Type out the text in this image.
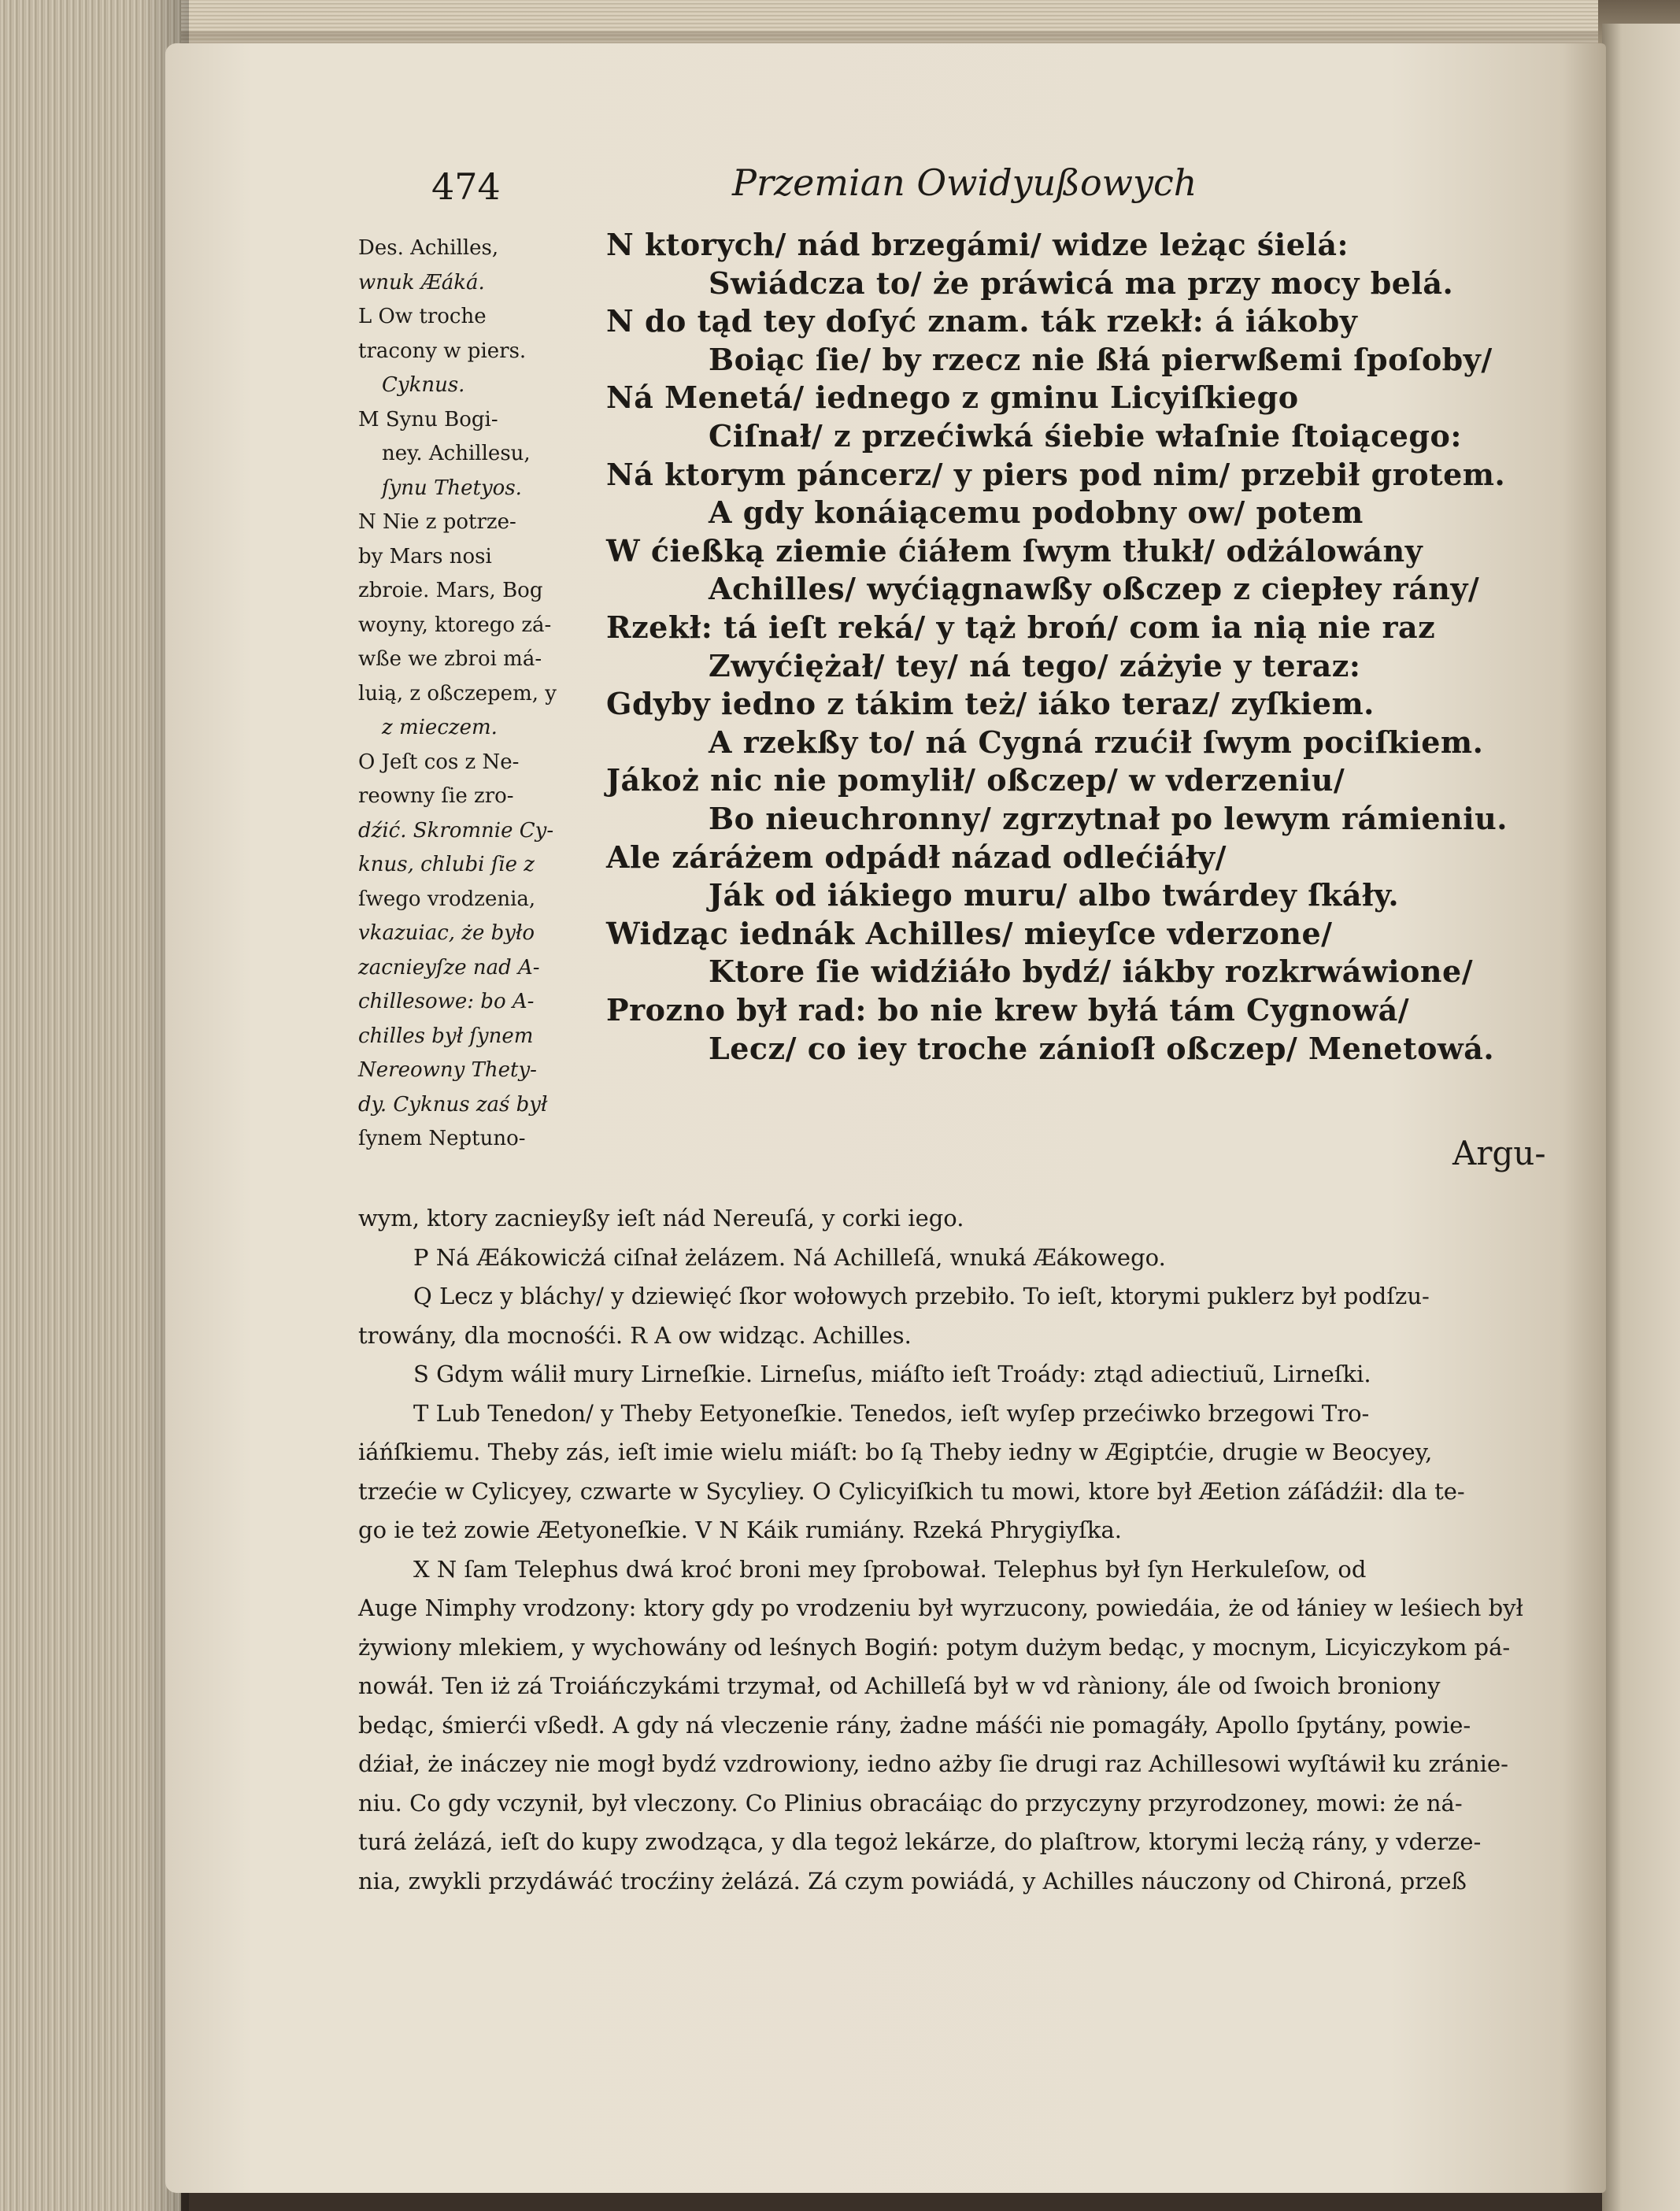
474	Przemian Owidyußowych
Des. Achilles,
wnuk Æáká.
L Ow troche
tracony w piers.
Cyknus.
M Synu Bogi-
ney. Achillesu,
ſynu Thetyos.
N Nie z potrze-
by Mars nosi
zbroie. Mars, Bog
woyny, ktorego zá-
wße we zbroi má-
luią, z oßczepem, y
z mieczem.
O Jeſt cos z Ne-
reowny ſie zro-
dźić. Skromnie Cy-
knus, chlubi ſie z
ſwego vrodzenia,
vkazuiac, że było
zacnieyſze nad A-
chillesowe: bo A-
chilles był ſynem
Nereowny Thety-
dy. Cyknus zaś był
ſynem Neptuno-
N ktorych/ nád brzegámi/ widze leżąc śielá:
Swiádcza to/ że práwicá ma przy mocy belá.
N do tąd tey doſyć znam. ták rzekł: á iákoby
Boiąc ſie/ by rzecz nie ßłá pierwßemi ſpoſoby/
Ná Menetá/ iednego z gminu Licyiſkiego
Ciſnał/ z przećiwká śiebie właſnie ſtoiącego:
Ná ktorym páncerz/ y piers pod nim/ przebił grotem.
A gdy konáiącemu podobny ow/ potem
W ćießką ziemie ćiáłem ſwym tłukł/ odżálowány
Achilles/ wyćiągnawßy oßczep z ciepłey rány/
Rzekł: tá ieſt reká/ y tąż broń/ com ia nią nie raz
Zwyćiężał/ tey/ ná tego/ záżyie y teraz:
Gdyby iedno z tákim też/ iáko teraz/ zyſkiem.
A rzekßy to/ ná Cygná rzućił ſwym pociſkiem.
Jákoż nic nie pomylił/ oßczep/ w vderzeniu/
Bo nieuchronny/ zgrzytnał po lewym rámieniu.
Ale záráżem odpádł názad odlećiáły/
Ják od iákiego muru/ albo twárdey ſkáły.
Widząc iednák Achilles/ mieyſce vderzone/
Ktore ſie widźiáło bydź/ iákby rozkrwáwione/
Prozno był rad: bo nie krew byłá tám Cygnowá/
Lecz/ co iey troche zánioſł oßczep/ Menetowá.
Argu-
wym, ktory zacnieyßy ieſt nád Nereuſá, y corki iego.
P Ná Æákowicżá ciſnał żelázem. Ná Achilleſá, wnuká Æákowego.
Q Lecz y bláchy/ y dziewięć ſkor wołowych przebiło. To ieſt, ktorymi puklerz był podſzu-
trowány, dla mocnośći. R A ow widząc. Achilles.
S Gdym wálił mury Lirneſkie. Lirneſus, miáſto ieſt Troády: ztąd adiectiuũ, Lirneſki.
T Lub Tenedon/ y Theby Eetyoneſkie. Tenedos, ieſt wyſep przećiwko brzegowi Tro-
iáńſkiemu. Theby zás, ieſt imie wielu miáſt: bo ſą Theby iedny w Ægiptćie, drugie w Beocyey,
trzećie w Cylicyey, czwarte w Sycyliey. O Cylicyiſkich tu mowi, ktore był Æetion záſádźił: dla te-
go ie też zowie Æetyoneſkie. V N Káik rumiány. Rzeká Phrygiyſka.
X N ſam Telephus dwá kroć broni mey ſprobował. Telephus był ſyn Herkuleſow, od
Auge Nimphy vrodzony: ktory gdy po vrodzeniu był wyrzucony, powiedáia, że od łániey w leśiech był
żywiony mlekiem, y wychowány od leśnych Bogiń: potym dużym bedąc, y mocnym, Licyiczykom pá-
nowáł. Ten iż zá Troiáńczykámi trzymał, od Achilleſá był w vd ràniony, ále od ſwoich broniony
bedąc, śmierći vßedł. A gdy ná vleczenie rány, żadne máśći nie pomagáły, Apollo ſpytány, powie-
dźiał, że ináczey nie mogł bydź vzdrowiony, iedno ażby ſie drugi raz Achillesowi wyſtáwił ku zránie-
niu. Co gdy vczynił, był vleczony. Co Plinius obracáiąc do przyczyny przyrodzoney, mowi: że ná-
turá żelázá, ieſt do kupy zwodząca, y dla tegoż lekárze, do plaſtrow, ktorymi lecżą rány, y vderze-
nia, zwykli przydáwáć trocźiny żelázá. Zá czym powiádá, y Achilles náuczony od Chironá, przeß
